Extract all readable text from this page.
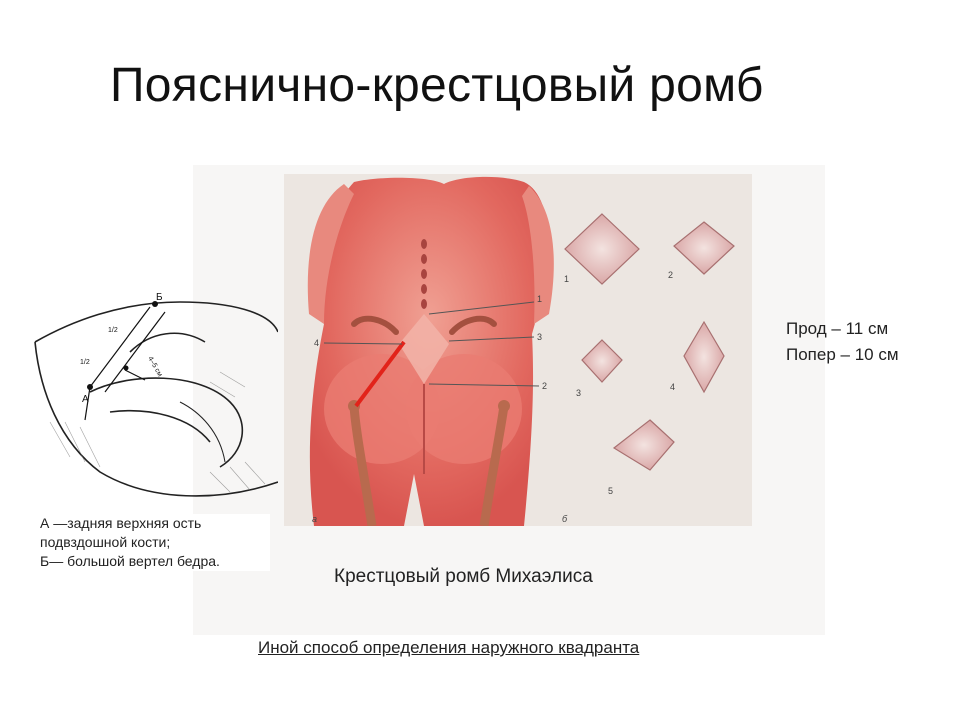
Пояснично-крестцовый ромб
1
3
2
4
а	б
1	2
3
4
5
Б
А
1/2
1/2	4–5 см
А —задняя верхняя ость
подвздошной кости;
Б— большой вертел бедра.
Крестцовый ромб Михаэлиса
Прод – 11 см
Попер – 10 см
Иной способ определения наружного квадранта
